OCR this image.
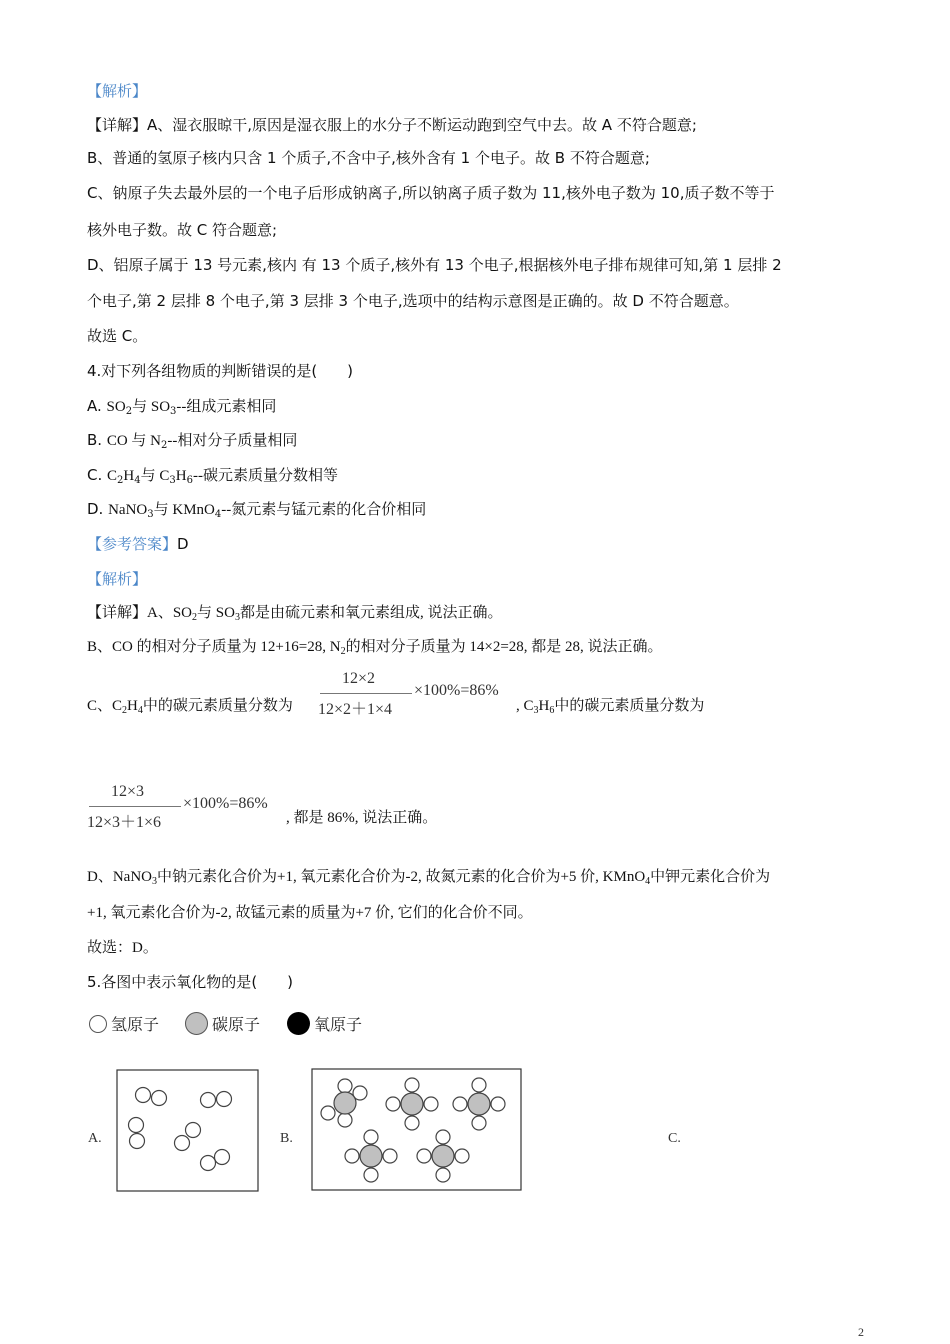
【解析】
【详解】A、湿衣服晾干,原因是湿衣服上的水分子不断运动跑到空气中去。故 A 不符合题意;
B、普通的氢原子核内只含 1 个质子,不含中子,核外含有 1 个电子。故 B 不符合题意;
C、钠原子失去最外层的一个电子后形成钠离子,所以钠离子质子数为 11,核外电子数为 10,质子数不等于
核外电子数。故 C 符合题意;
D、铝原子属于 13 号元素,核内 有 13 个质子,核外有 13 个电子,根据核外电子排布规律可知,第 1 层排 2
个电子,第 2 层排 8 个电子,第 3 层排 3 个电子,选项中的结构示意图是正确的。故 D 不符合题意。
故选 C。
4.对下列各组物质的判断错误的是(　　)
A. $SO_2$与 $SO_3--$组成元素相同
B. CO 与 $N_2--$相对分子质量相同
C. $C_2H_4$与 $C_3H_6--$碳元素质量分数相等
D. NaNO$_3$与 KMnO$_4$--氮元素与锰元素的化合价相同
【参考答案】D
【解析】
【详解】A、$SO_2$与 $SO_3$都是由硫元素和氧元素组成, 说法正确。
B、CO 的相对分子质量为 12+16=28, $N_2$的相对分子质量为 14×2=28, 都是 28, 说法正确。
C、$C_2H_4$中的碳元素质量分数为
12×2
12×2＋1×4
×100%=86%
, $C_3H_6$中的碳元素质量分数为
12×3
12×3＋1×6
×100%=86%
, 都是 86%, 说法正确。
D、NaNO$_3$中钠元素化合价为+1, 氧元素化合价为-2, 故氮元素的化合价为+5 价, KMnO$_4$中钾元素化合价为
+1, 氧元素化合价为-2, 故锰元素的质量为+7 价, 它们的化合价不同。
故选：D。
5.各图中表示氧化物的是(　　)
氢原子	碳原子	氧原子
A.	B.	C.
2
